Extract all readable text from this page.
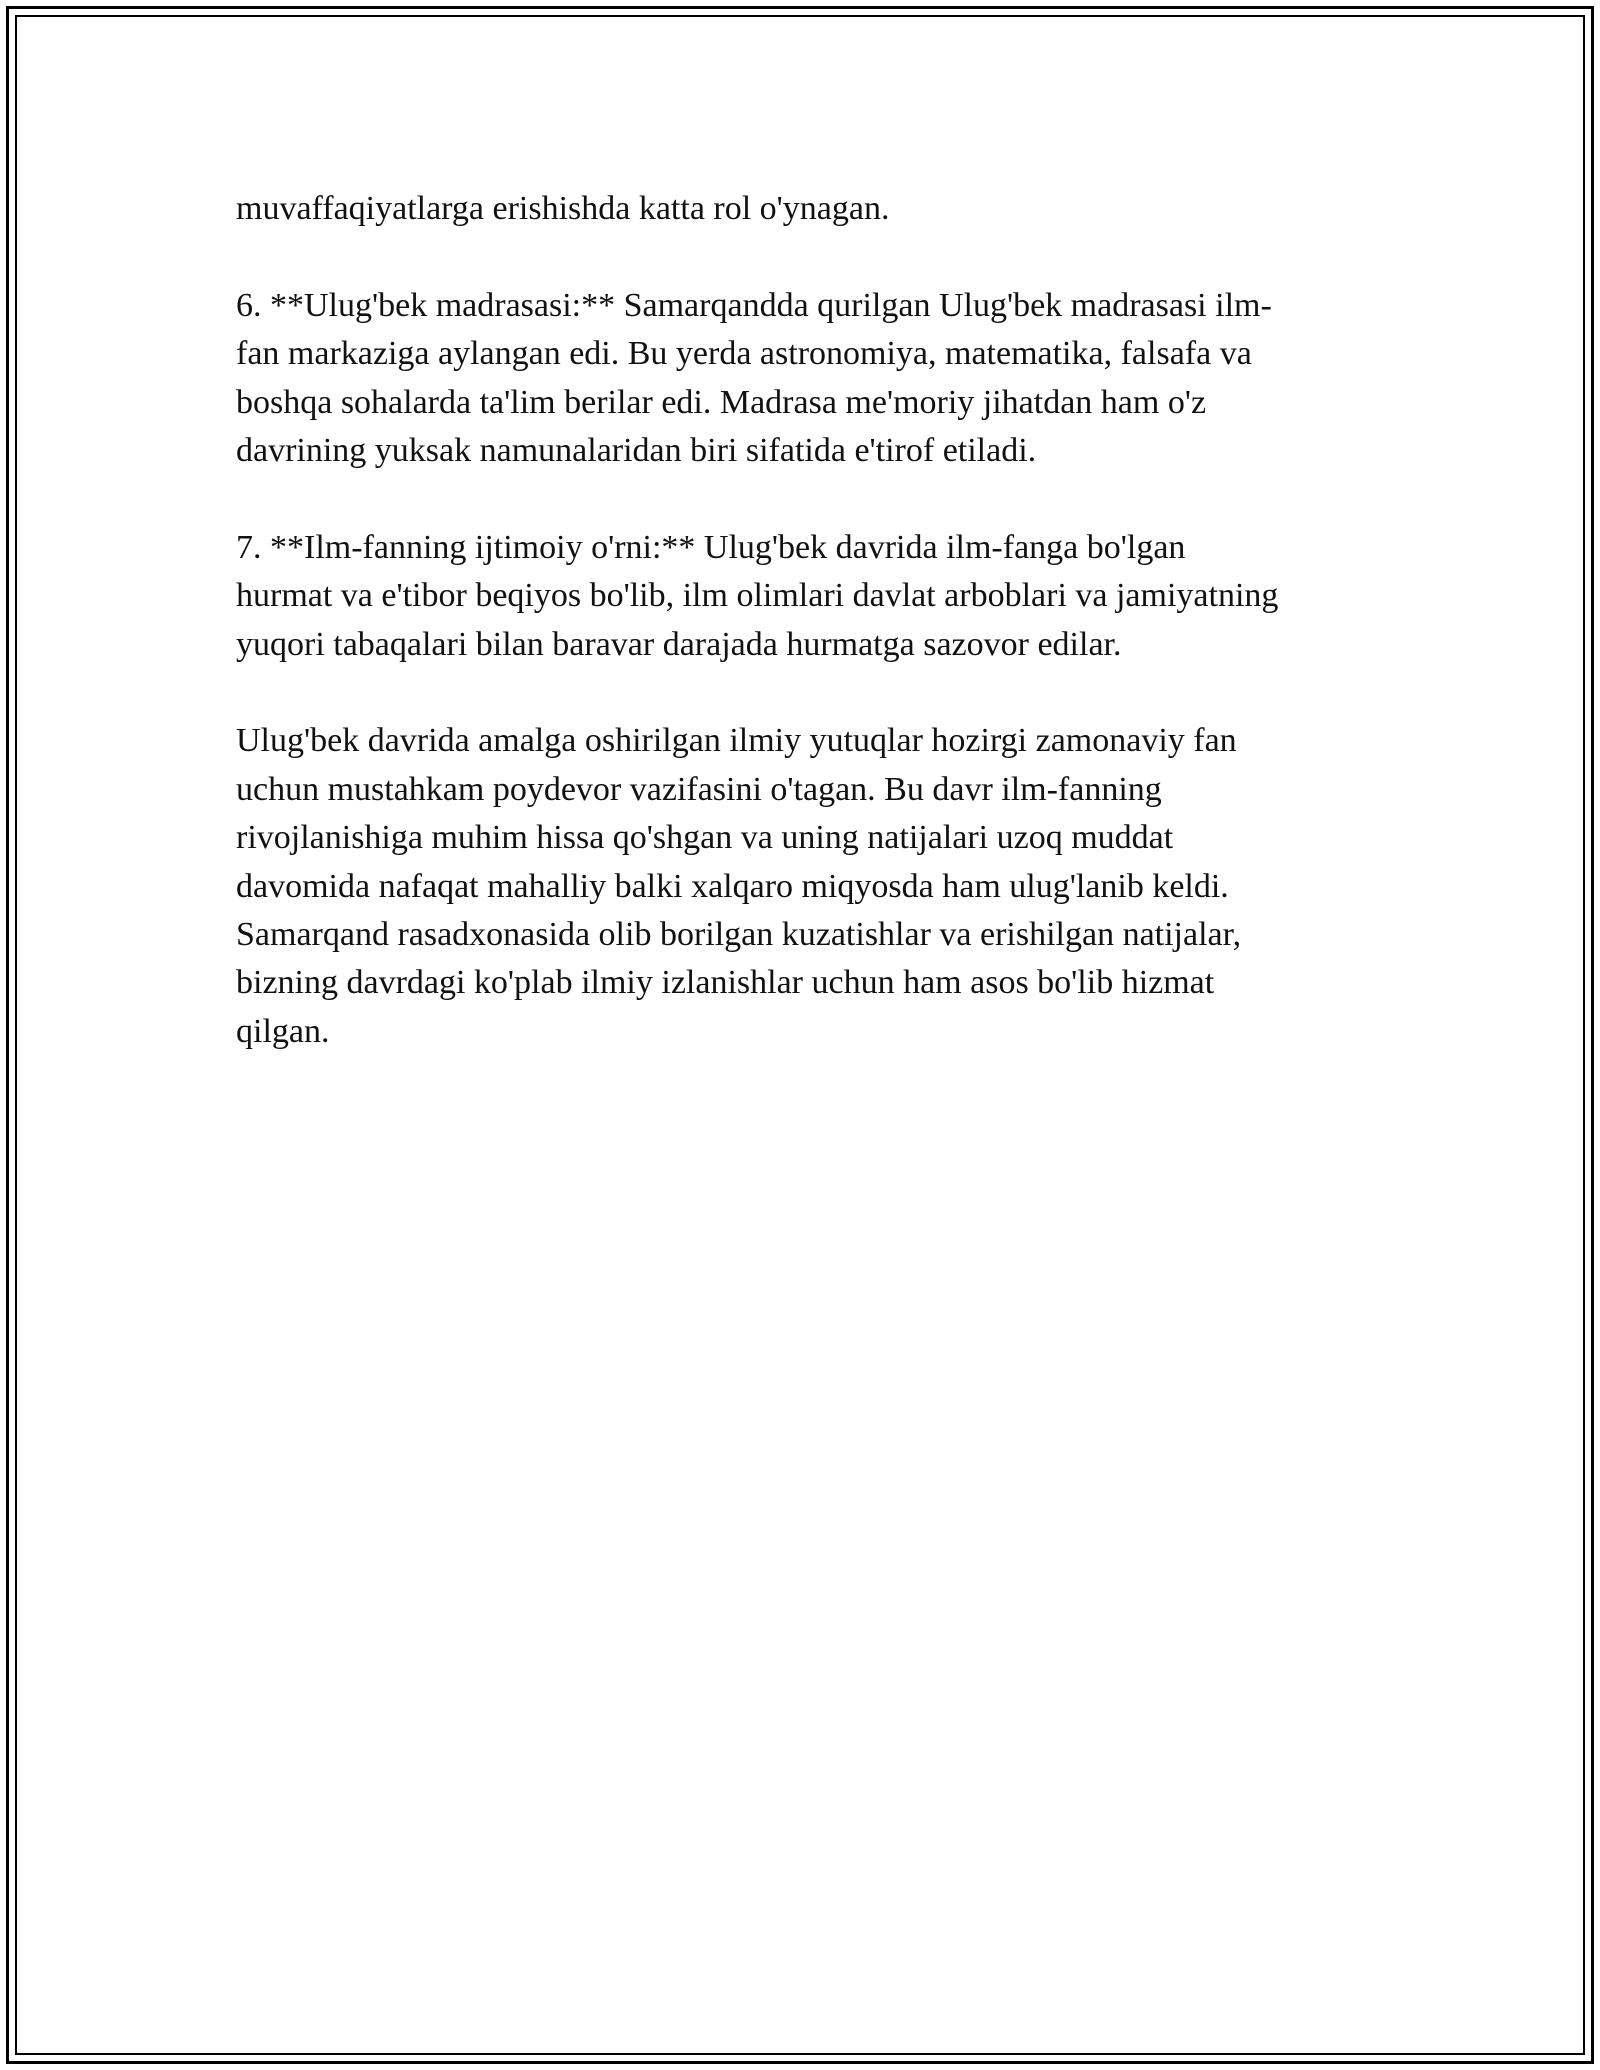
muvaffaqiyatlarga erishishda katta rol o'ynagan.

6. **Ulug'bek madrasasi:** Samarqandda qurilgan Ulug'bek madrasasi ilm-
fan markaziga aylangan edi. Bu yerda astronomiya, matematika, falsafa va
boshqa sohalarda ta'lim berilar edi. Madrasa me'moriy jihatdan ham o'z
davrining yuksak namunalaridan biri sifatida e'tirof etiladi.

7. **Ilm-fanning ijtimoiy o'rni:** Ulug'bek davrida ilm-fanga bo'lgan
hurmat va e'tibor beqiyos bo'lib, ilm olimlari davlat arboblari va jamiyatning
yuqori tabaqalari bilan baravar darajada hurmatga sazovor edilar.

Ulug'bek davrida amalga oshirilgan ilmiy yutuqlar hozirgi zamonaviy fan
uchun mustahkam poydevor vazifasini o'tagan. Bu davr ilm-fanning
rivojlanishiga muhim hissa qo'shgan va uning natijalari uzoq muddat
davomida nafaqat mahalliy balki xalqaro miqyosda ham ulug'lanib keldi.
Samarqand rasadxonasida olib borilgan kuzatishlar va erishilgan natijalar,
bizning davrdagi ko'plab ilmiy izlanishlar uchun ham asos bo'lib hizmat
qilgan.
